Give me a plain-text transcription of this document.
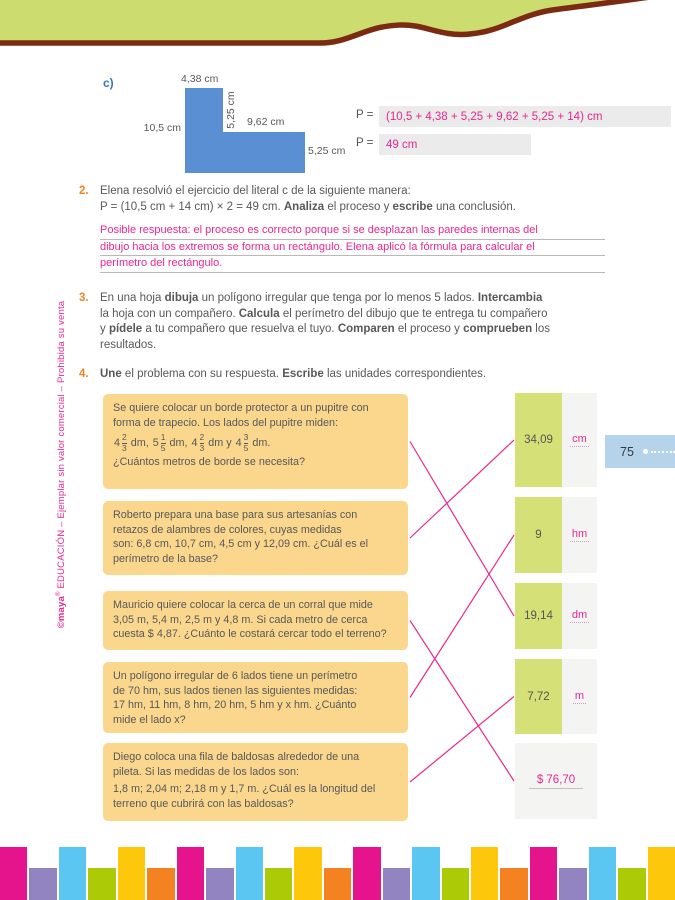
©maya® EDUCACIÓN – Ejemplar sin valor comercial – Prohibida su venta
c)	4,38 cm
10,5 cm	5,25 cm 9,62 cm
5,25 cm
P = (10,5 + 4,38 + 5,25 + 9,62 + 5,25 + 14) cm
P = 49 cm
2. Elena resolvió el ejercicio del literal c de la siguiente manera:
P = (10,5 cm + 14 cm) × 2 = 49 cm. Analiza el proceso y escribe una conclusión.
Posible respuesta: el proceso es correcto porque si se desplazan las paredes internas del
dibujo hacia los extremos se forma un rectángulo. Elena aplicó la fórmula para calcular el
perímetro del rectángulo.
3. En una hoja dibuja un polígono irregular que tenga por lo menos 5 lados. Intercambia
la hoja con un compañero. Calcula el perímetro del dibujo que te entrega tu compañero
y pídele a tu compañero que resuelva el tuyo. Comparen el proceso y comprueben los
resultados.
4. Une el problema con su respuesta. Escribe las unidades correspondientes.
Se quiere colocar un borde protector a un pupitre con
forma de trapecio. Los lados del pupitre miden:
$4 \frac{2}{3}$ dm, $5 \frac{1}{5}$ dm, $4 \frac{2}{3}$ dm y $4 \frac{3}{5}$ dm.
¿Cuántos metros de borde se necesita?
Roberto prepara una base para sus artesanías con
retazos de alambres de colores, cuyas medidas
son: 6,8 cm, 10,7 cm, 4,5 cm y 12,09 cm. ¿Cuál es el
perímetro de la base?
Mauricio quiere colocar la cerca de un corral que mide
3,05 m, 5,4 m, 2,5 m y 4,8 m. Si cada metro de cerca
cuesta $ 4,87. ¿Cuánto le costará cercar todo el terreno?
Un polígono irregular de 6 lados tiene un perímetro
de 70 hm, sus lados tienen las siguientes medidas:
17 hm, 11 hm, 8 hm, 20 hm, 5 hm y x hm. ¿Cuánto
mide el lado x?
Diego coloca una fila de baldosas alrededor de una
pileta. Si las medidas de los lados son:
1,8 m; 2,04 m; 2,18 m y 1,7 m. ¿Cuál es la longitud del
terreno que cubrirá con las baldosas?
34,09	cm
9	hm
19,14	dm
7,72	m
$ 76,70
75
